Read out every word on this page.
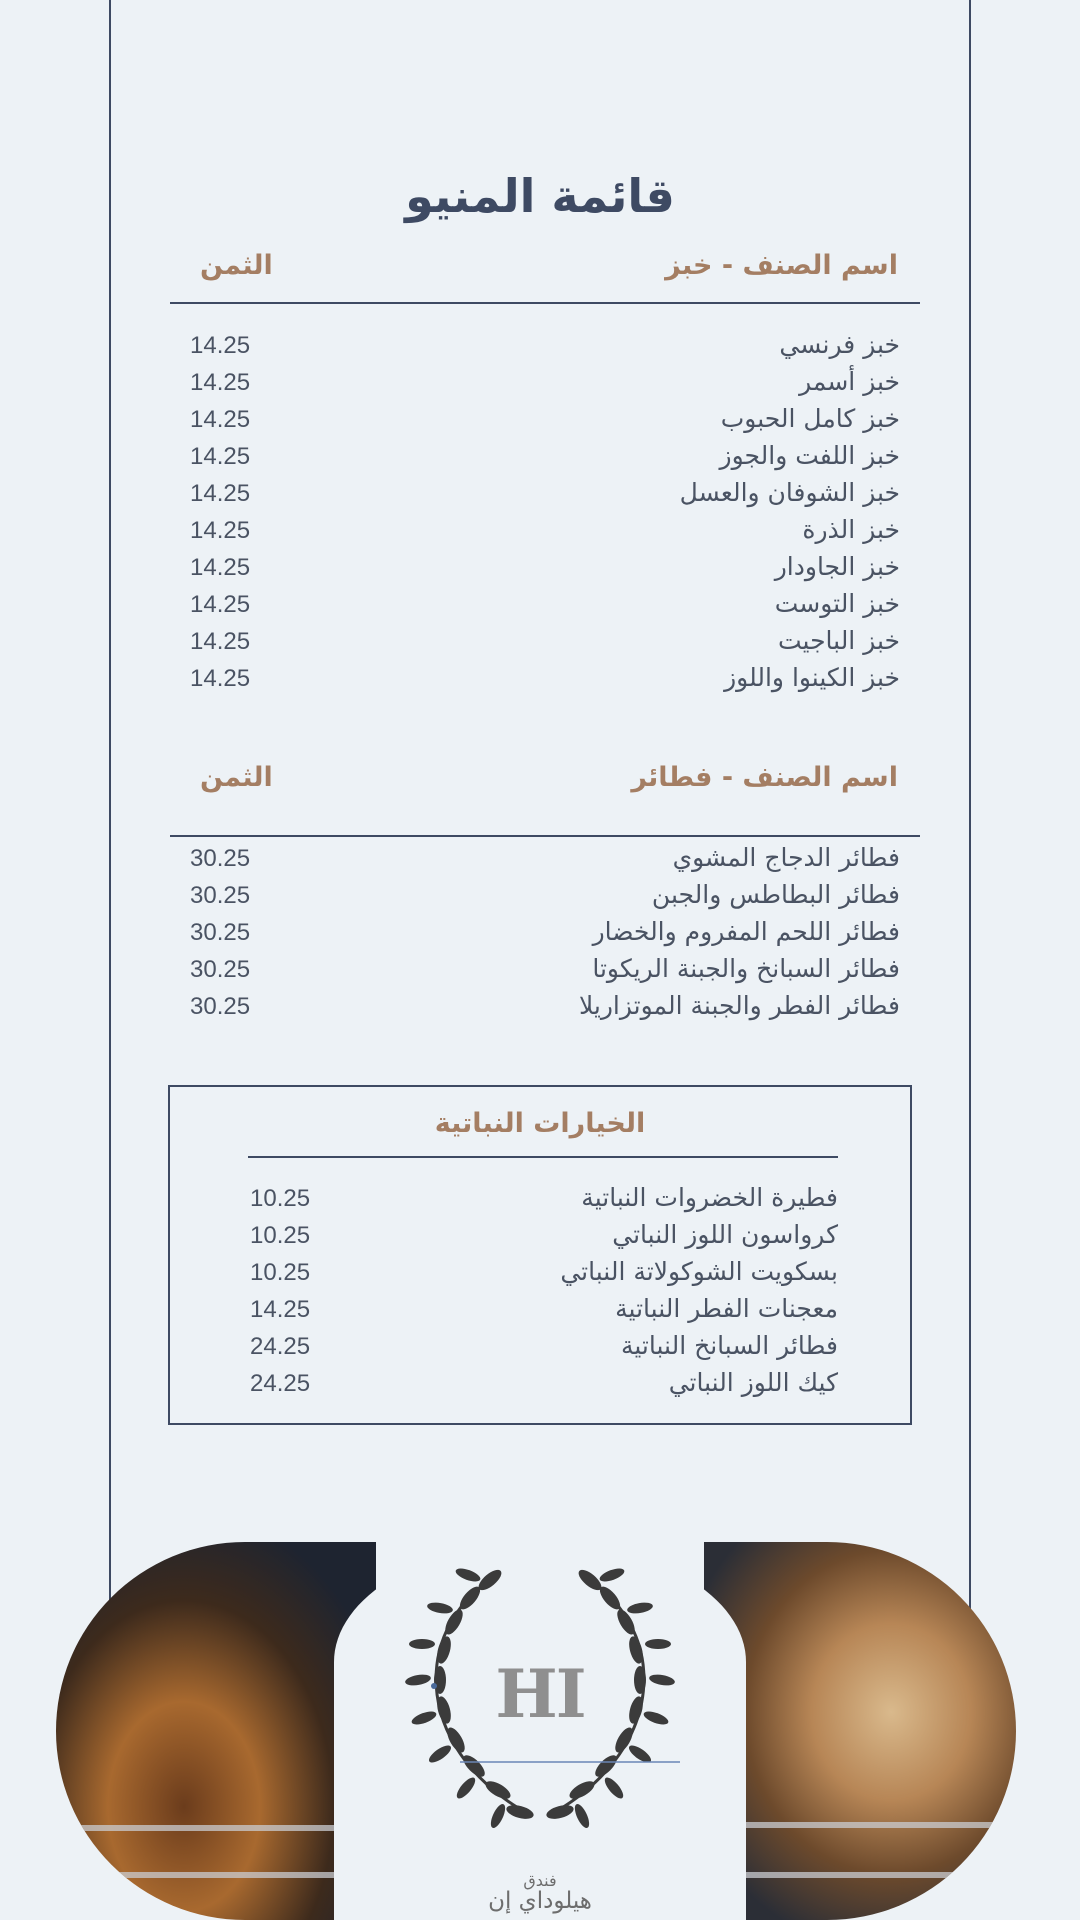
قائمة المنيو
اسم الصنف - خبز
الثمن
خبز فرنسي
14.25
خبز أسمر
14.25
خبز كامل الحبوب
14.25
خبز اللفت والجوز
14.25
خبز الشوفان والعسل
14.25
خبز الذرة
14.25
خبز الجاودار
14.25
خبز التوست
14.25
خبز الباجيت
14.25
خبز الكينوا واللوز
14.25
اسم الصنف - فطائر
الثمن
فطائر الدجاج المشوي
30.25
فطائر البطاطس والجبن
30.25
فطائر اللحم المفروم والخضار
30.25
فطائر السبانخ والجبنة الريكوتا
30.25
فطائر الفطر والجبنة الموتزاريلا
30.25
الخيارات النباتية
فطيرة الخضروات النباتية
10.25
كرواسون اللوز النباتي
10.25
بسكويت الشوكولاتة النباتي
10.25
معجنات الفطر النباتية
14.25
فطائر السبانخ النباتية
24.25
كيك اللوز النباتي
24.25
HI
فندق
هيلوداي إن
